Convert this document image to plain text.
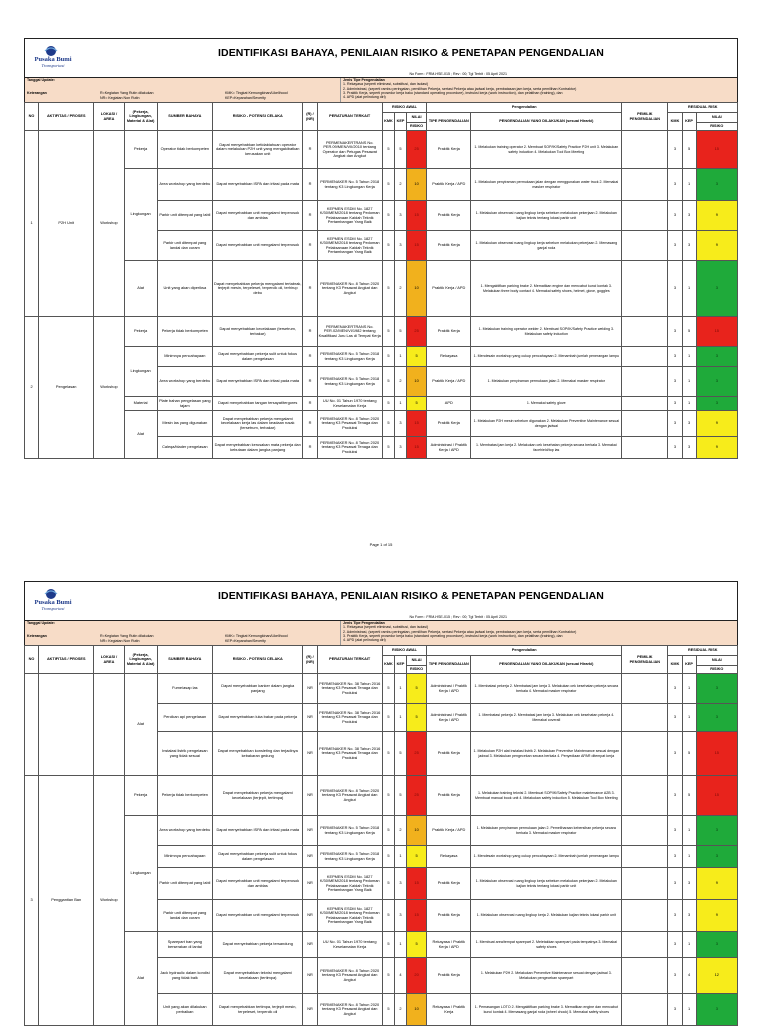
Pusaka Bumi
Transportasi
IDENTIFIKASI BAHAYA, PENILAIAN RISIKO & PENETAPAN PENGENDALIAN
No Form : FRM-HSE-015 ; Rev : 00; Tgl Terbit : 05 April 2021
Tanggal Update:
Keterangan	R=Kegiatan Yang Rutin dilakukan
NR= Kegiatan Non Rutin
KMK= Tingkat Kemungkinan/Likelihood
KEP=Keparahan/Severity
Jenis Tipe Pengendalian
1. Rekayasa (seperti eliminasi, substitusi, dan isolasi)
2. Administrasi, (seperti rambu peringatan, pemilihan Pekerja, sertasi Pekerja atau jadwal kerja, pembatasan jam kerja, serta pemilihan Kontraktor)
3. Praktik Kerja, seperti prosedur kerja baku (standard operating procedure), instruksi kerja (work instruction), dan pelatihan (training), dan
4. APD (alat pelindung diri)
NO	AKTIFITAS / PROSES	LOKASI / AREA	(Pekerja, Lingkungan, Material & Alat)	SUMBER BAHAYA	RISIKO - POTENSI CELAKA	(R) / (NR)	PERATURAN TERKAIT	RISIKO AWAL			Pengendalian		PEMILIK PENGENDALIAN	RESIDUAL RISK		
								KMK	KEP	NILAI	TIPE PENGENDALIAN	PENGENDALIAN YANG DILAKUKAN (sesuai Hirarki)		KMK	KEP	NILAI
										RISIKO						RISIKO
1	P2H Unit	Workshop	Pekerja	Operator tidak berkompeten	Dapat menyebabkan ketidaktahuan operator dalam melakukan P2H unit yang mengakibatkan kerusakan unit	R	PERMENAKERTRANS No. PER.09/MEN/VII/2010 tentang Operator dan Petugas Pesawat Angkat dan Angkut	5	5	25	Praktik Kerja	1. Melakukan training operator 2. Membuat SOP/IK/Safety Practice P2H unit 3. Melakukan safety induction 4. Melakukan Tool Box Meeting		3	5	15
			Lingkungan	Area workshop yang berdebu	Dapat menyebabkan ISPA dan iritasi pada mata	R	PERMENAKER No. 5 Tahun 2018 tentang K3 Lingkungan Kerja	5	2	10	Praktik Kerja / APD	1. Melakukan penyiraman permukaan jalan dengan menggunakan water truck 2. Memakai masker respirator		3	1	3
				Parkir unit ditempat yang labil	Dapat menyebabkan unit mengalami terperosok dan amblas	R	KEPMEN ESDM No. 1827 K/30/MEM/2018 tentang Pedoman Pelaksanaan Kaidah Teknik Pertambangan Yang Baik	5	3	15	Praktik Kerja	1. Melakukan observasi ruang lingkup kerja sebelum melakukan pekerjaan 2. Melakukan kajian teknis tentang lokasi parkir unit		3	3	9
				Parkir unit ditempat yang landai dan curam	Dapat menyebabkan unit mengalami terperosok	R	KEPMEN ESDM No. 1827 K/30/MEM/2018 tentang Pedoman Pelaksanaan Kaidah Teknik Pertambangan Yang Baik	5	3	15	Praktik Kerja	1. Melakukan observasi ruang lingkup kerja sebelum melakukan pekerjaan 2. Memasang ganjal roda		3	3	9
			Alat	Unit yang akan diperiksa	Dapat menyebabkan pekerja mengalami tertabrak, terjepit mesin, terpeleset, terpercik oli, terhirup debu	R	PERMENAKER No. 8 Tahun 2020 tentang K3 Pesawat Angkat dan Angkut	5	2	10	Praktik Kerja / APD	1. Mengaktifkan parking brake 2. Mematikan engine dan mencabut kunci kontak 3. Melakukan three body contact 4. Memakai safety shoes, helmet, glove, goggles		3	1	3
2	Pengelasan	Workshop	Pekerja	Pekerja tidak berkompeten	Dapat menyebabkan kecelakaan (tersetrum, terbakar)	R	PERMENAKERTRANS No. PER.02/MEN/VI/1982 tentang Kwalifikasi Juru Las di Tempat Kerja	5	5	25	Praktik Kerja	1. Melakukan training operator welder 2. Membuat SOP/IK/Safety Practice welding 3. Melakukan safety induction		3	5	15
			Lingkungan	Minimnya pencahayaan	Dapat menyebabkan pekerja sulit untuk fokus dalam pengelasan	R	PERMENAKER No. 5 Tahun 2018 tentang K3 Lingkungan Kerja	5	1	5	Rekayasa	1. Mendesain workshop yang cukup pencahayaan 2. Menambah jumlah penerangan lampu		3	1	3
				Area workshop yang berdebu	Dapat menyebabkan ISPA dan iritasi pada mata	R	PERMENAKER No. 5 Tahun 2018 tentang K3 Lingkungan Kerja	5	2	10	Praktik Kerja / APD	1. Melakukan penyiraman permukaan jalan 2. Memakai masker respirator		3	1	3
			Material	Plate bahan pengelasan yang tajam	Dapat menyebabkan tangan tersayat/tergores	R	UU No. 01 Tahun 1970 tentang Keselamatan Kerja	5	1	5	APD	1. Memakai safety glove		3	1	3
			Alat	Mesin las yang digunakan	Dapat menyebabkan pekerja mengalami kecelakaan kerja las dalam keadaan rusak (tersetrum, terbakar)	R	PERMENAKER No. 8 Tahun 2020 tentang K3 Pesawat Tenaga dan Produksi	5	3	15	Praktik Kerja	1. Melakukan P2H mesin sebelum digunakan 2. Melakukan Preventive Maintenance sesuai dengan jadwal		3	3	9
				Caleqa/blader pengelasan	Dapat menyebabkan kerusakan mata pekerja dan kebutaan dalam jangka panjang	R	PERMENAKER No. 8 Tahun 2020 tentang K3 Pesawat Tenaga dan Produksi	5	3	15	Administrasi / Praktik Kerja / APD	1. Membatasi jam kerja 2. Melakukan cek kesehatan pekerja secara berkala 3. Memakai facehield/top las		3	3	9
Page 1 of 15
Pusaka Bumi
Transportasi
IDENTIFIKASI BAHAYA, PENILAIAN RISIKO & PENETAPAN PENGENDALIAN
No Form : FRM-HSE-015 ; Rev : 00; Tgl Terbit : 05 April 2021
Tanggal Update:
Keterangan	R=Kegiatan Yang Rutin dilakukan
NR= Kegiatan Non Rutin
KMK= Tingkat Kemungkinan/Likelihood
KEP=Keparahan/Severity
Jenis Tipe Pengendalian
1. Rekayasa (seperti eliminasi, substitusi, dan isolasi)
2. Administrasi, (seperti rambu peringatan, pemilihan Pekerja, sertasi Pekerja atau jadwal kerja, pembatasan jam kerja, serta pemilihan Kontraktor)
3. Praktik Kerja, seperti prosedur kerja baku (standard operating procedure), instruksi kerja (work instruction), dan pelatihan (training), dan
4. APD (alat pelindung diri)
NO	AKTIFITAS / PROSES	LOKASI / AREA	(Pekerja, Lingkungan, Material & Alat)	SUMBER BAHAYA	RISIKO - POTENSI CELAKA	(R) / (NR)	PERATURAN TERKAIT	RISIKO AWAL			Pengendalian		PEMILIK PENGENDALIAN	RESIDUAL RISK		
								KMK	KEP	NILAI	TIPE PENGENDALIAN	PENGENDALIAN YANG DILAKUKAN (sesuai Hirarki)		KMK	KEP	NILAI
										RISIKO						RISIKO
			Alat	Fume/asap las	Dapat menyebabkan kanker dalam jangka panjang	NR	PERMENAKER No. 38 Tahun 2016 tentang K3 Pesawat Tenaga dan Produksi	5	1	5	Administrasi / Praktik Kerja / APD	1. Membatasi pekerja 2. Membatasi jam kerja 3. Melakukan cek kesehatan pekerja secara berkala 4. Memakai masker respirator		3	1	3
				Percikan api pengelasan	Dapat menyebabkan luka bakar pada pekerja	NR	PERMENAKER No. 38 Tahun 2016 tentang K3 Pesawat Tenaga dan Produksi	5	1	5	Administrasi / Praktik Kerja / APD	1. Membatasi pekerja 2. Membatasi jam kerja 3. Melakukan cek kesehatan pekerja 4. Memakai coverall		3	1	3
				Instalasi listrik pengelasan yang tidak sesuai	Dapat menyebabkan konsleting dan terjadinya kebakaran gedung	NR	PERMENAKER No. 38 Tahun 2016 tentang K3 Pesawat Tenaga dan Produksi	5	5	25	Praktik Kerja	1. Melakukan P2H alat instalasi listrik 2. Melakukan Preventive Maintenance sesuai dengan jadwal 3. Melakukan pengecekan secara berkala 4. Penyediaan APAR ditempat kerja		3	5	15
3	Penggantian Ban	Workshop	Pekerja	Pekerja tidak berkompeten	Dapat menyebabkan pekerja mengalami kecelakaan (terjepit, tertimpa)	NR	PERMENAKER No. 8 Tahun 2020 tentang K3 Pesawat Angkat dan Angkut	5	5	25	Praktik Kerja	1. Melakukan training teknisi 2. Membuat SOP/IK/Safety Practice maintenance A2B 3. Membuat manual book unit 4. Melakukan safety induction 5. Melakukan Tool Box Meeting		3	5	15
			Lingkungan	Area workshop yang berdebu	Dapat menyebabkan ISPA dan iritasi pada mata	NR	PERMENAKER No. 5 Tahun 2018 tentang K3 Lingkungan Kerja	5	2	10	Praktik Kerja / APD	1. Melakukan penyiraman permukaan jalan 2. Pemeliharaan kebersihan pekerja secara berkala 3. Memakai masker respirator		3	1	3
				Minimnya pencahayaan	Dapat menyebabkan pekerja sulit untuk fokus dalam pengelasan	NR	PERMENAKER No. 5 Tahun 2018 tentang K3 Lingkungan Kerja	5	1	5	Rekayasa	1. Mendesain workshop yang cukup pencahayaan 2. Menambah jumlah penerangan lampu		3	1	3
				Parkir unit ditempat yang labil	Dapat menyebabkan unit mengalami terperosok dan amblas	NR	KEPMEN ESDM No. 1827 K/30/MEM/2018 tentang Pedoman Pelaksanaan Kaidah Teknik Pertambangan Yang Baik	5	3	15	Praktik Kerja	1. Melakukan observasi ruang lingkup kerja sebelum melakukan pekerjaan 2. Melakukan kajian teknis tentang lokasi parkir unit		3	3	9
				Parkir unit ditempat yang landai dan curam	Dapat menyebabkan unit mengalami terperosok	NR	KEPMEN ESDM No. 1827 K/30/MEM/2018 tentang Pedoman Pelaksanaan Kaidah Teknik Pertambangan Yang Baik	5	3	15	Praktik Kerja	1. Melakukan observasi ruang lingkup kerja 2. Melakukan kajian teknis lokasi parkir unit		3	3	9
			Alat	Sparepart ban yang berserakan di lantai	Dapat menyebabkan pekerja tersandung	NR	UU No. 01 Tahun 1970 tentang Keselamatan Kerja	5	1	5	Rekayasa / Praktik Kerja / APD	1. Membuat area/tempat sparepart 2. Meletakkan sparepart pada tempatnya 3. Memakai safety shoes		3	1	3
				Jack hydraulic dalam kondisi yang tidak baik	Dapat menyebabkan teknisi mengalami kecelakaan (tertimpa)	NR	PERMENAKER No. 8 Tahun 2020 tentang K3 Pesawat Angkat dan Angkut	5	4	20	Praktik Kerja	1. Melakukan P2H 2. Melakukan Preventive Maintenance sesuai dengan jadwal 3. Melakukan pengecekan sparepart		3	4	12
				Unit yang akan dilakukan perbaikan	Dapat menyebabkan tertimpa, terjepit mesin, terpeleset, terpercik oli	NR	PERMENAKER No. 8 Tahun 2020 tentang K3 Pesawat Angkat dan Angkut	5	2	10	Rekayasa / Praktik Kerja	1. Pemasangan LOTO 2. Mengaktifkan parking brake 3. Mematikan engine dan mencabut kunci kontak 4. Memasang ganjal roda (wheel chock) 5. Memakai safety shoes		3	1	3
